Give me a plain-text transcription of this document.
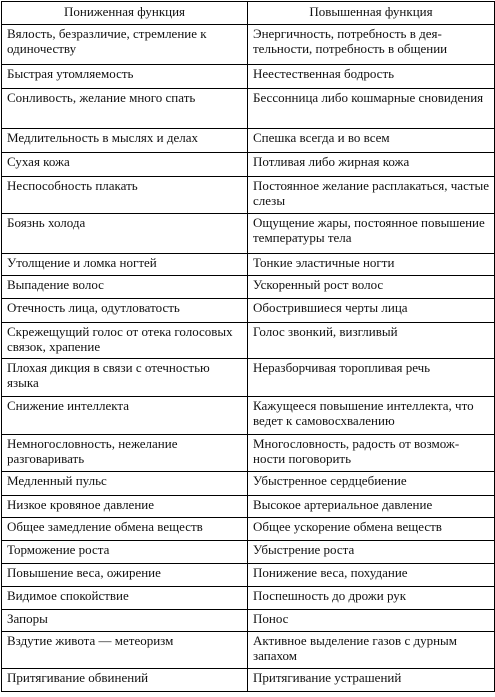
Пониженная функция	Повышенная функция
Вялость, безразличие, стремление к одиночеству	Энергичность, потребность в дея-тельности, потребность в общении
Быстрая утомляемость	Неестественная бодрость
Сонливость, желание много спать	Бессонница либо кошмарные сновидения
Медлительность в мыслях и делах	Спешка всегда и во всем
Сухая кожа	Потливая либо жирная кожа
Неспособность плакать	Постоянное желание расплакаться, частые слезы
Боязнь холода	Ощущение жары, постоянное повышение температуры тела
Утолщение и ломка ногтей	Тонкие эластичные ногти
Выпадение волос	Ускоренный рост волос
Отечность лица, одутловатость	Обострившиеся черты лица
Скрежещущий голос от отека голосовых связок, храпение	Голос звонкий, визгливый
Плохая дикция в связи с отечностью языка	Неразборчивая торопливая речь
Снижение интеллекта	Кажущееся повышение интеллекта, что ведет к самовосхвалению
Немногословность, нежелание разговаривать	Многословность, радость от возмож-ности поговорить
Медленный пульс	Убыстренное сердцебиение
Низкое кровяное давление	Высокое артериальное давление
Общее замедление обмена веществ	Общее ускорение обмена веществ
Торможение роста	Убыстрение роста
Повышение веса, ожирение	Понижение веса, похудание
Видимое спокойствие	Поспешность до дрожи рук
Запоры	Понос
Вздутие живота — метеоризм	Активное выделение газов с дурным запахом
Притягивание обвинений	Притягивание устрашений
